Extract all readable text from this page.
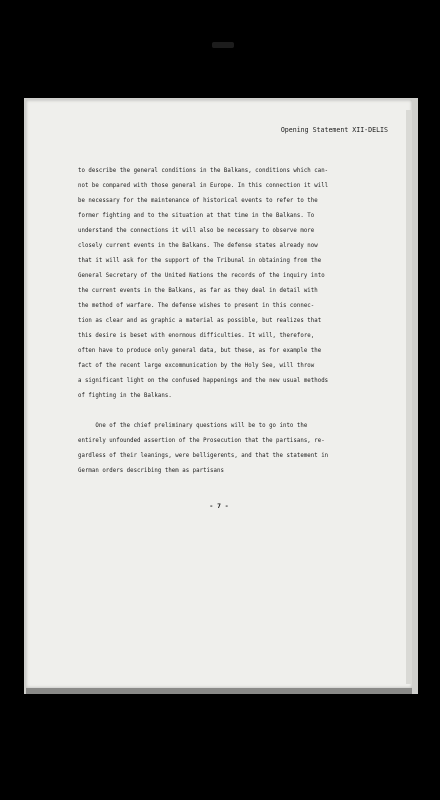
Opening Statement XII-DELIS
to describe the general conditions in the Balkans, conditions which can-
not be compared with those general in Europe. In this connection it will
be necessary for the maintenance of historical events to refer to the
former fighting and to the situation at that time in the Balkans. To
understand the connections it will also be necessary to observe more
closely current events in the Balkans. The defense states already now
that it will ask for the support of the Tribunal in obtaining from the
General Secretary of the United Nations the records of the inquiry into
the current events in the Balkans, as far as they deal in detail with
the method of warfare. The defense wishes to present in this connec-
tion as clear and as graphic a material as possible, but realizes that
this desire is beset with enormous difficulties. It will, therefore,
often have to produce only general data, but these, as for example the
fact of the recent large excommunication by the Holy See, will throw
a significant light on the confused happenings and the new usual methods
of fighting in the Balkans.
One of the chief preliminary questions will be to go into the
entirely unfounded assertion of the Prosecution that the partisans, re-
gardless of their leanings, were belligerents, and that the statement in
German orders describing them as partisans
- 7 -
